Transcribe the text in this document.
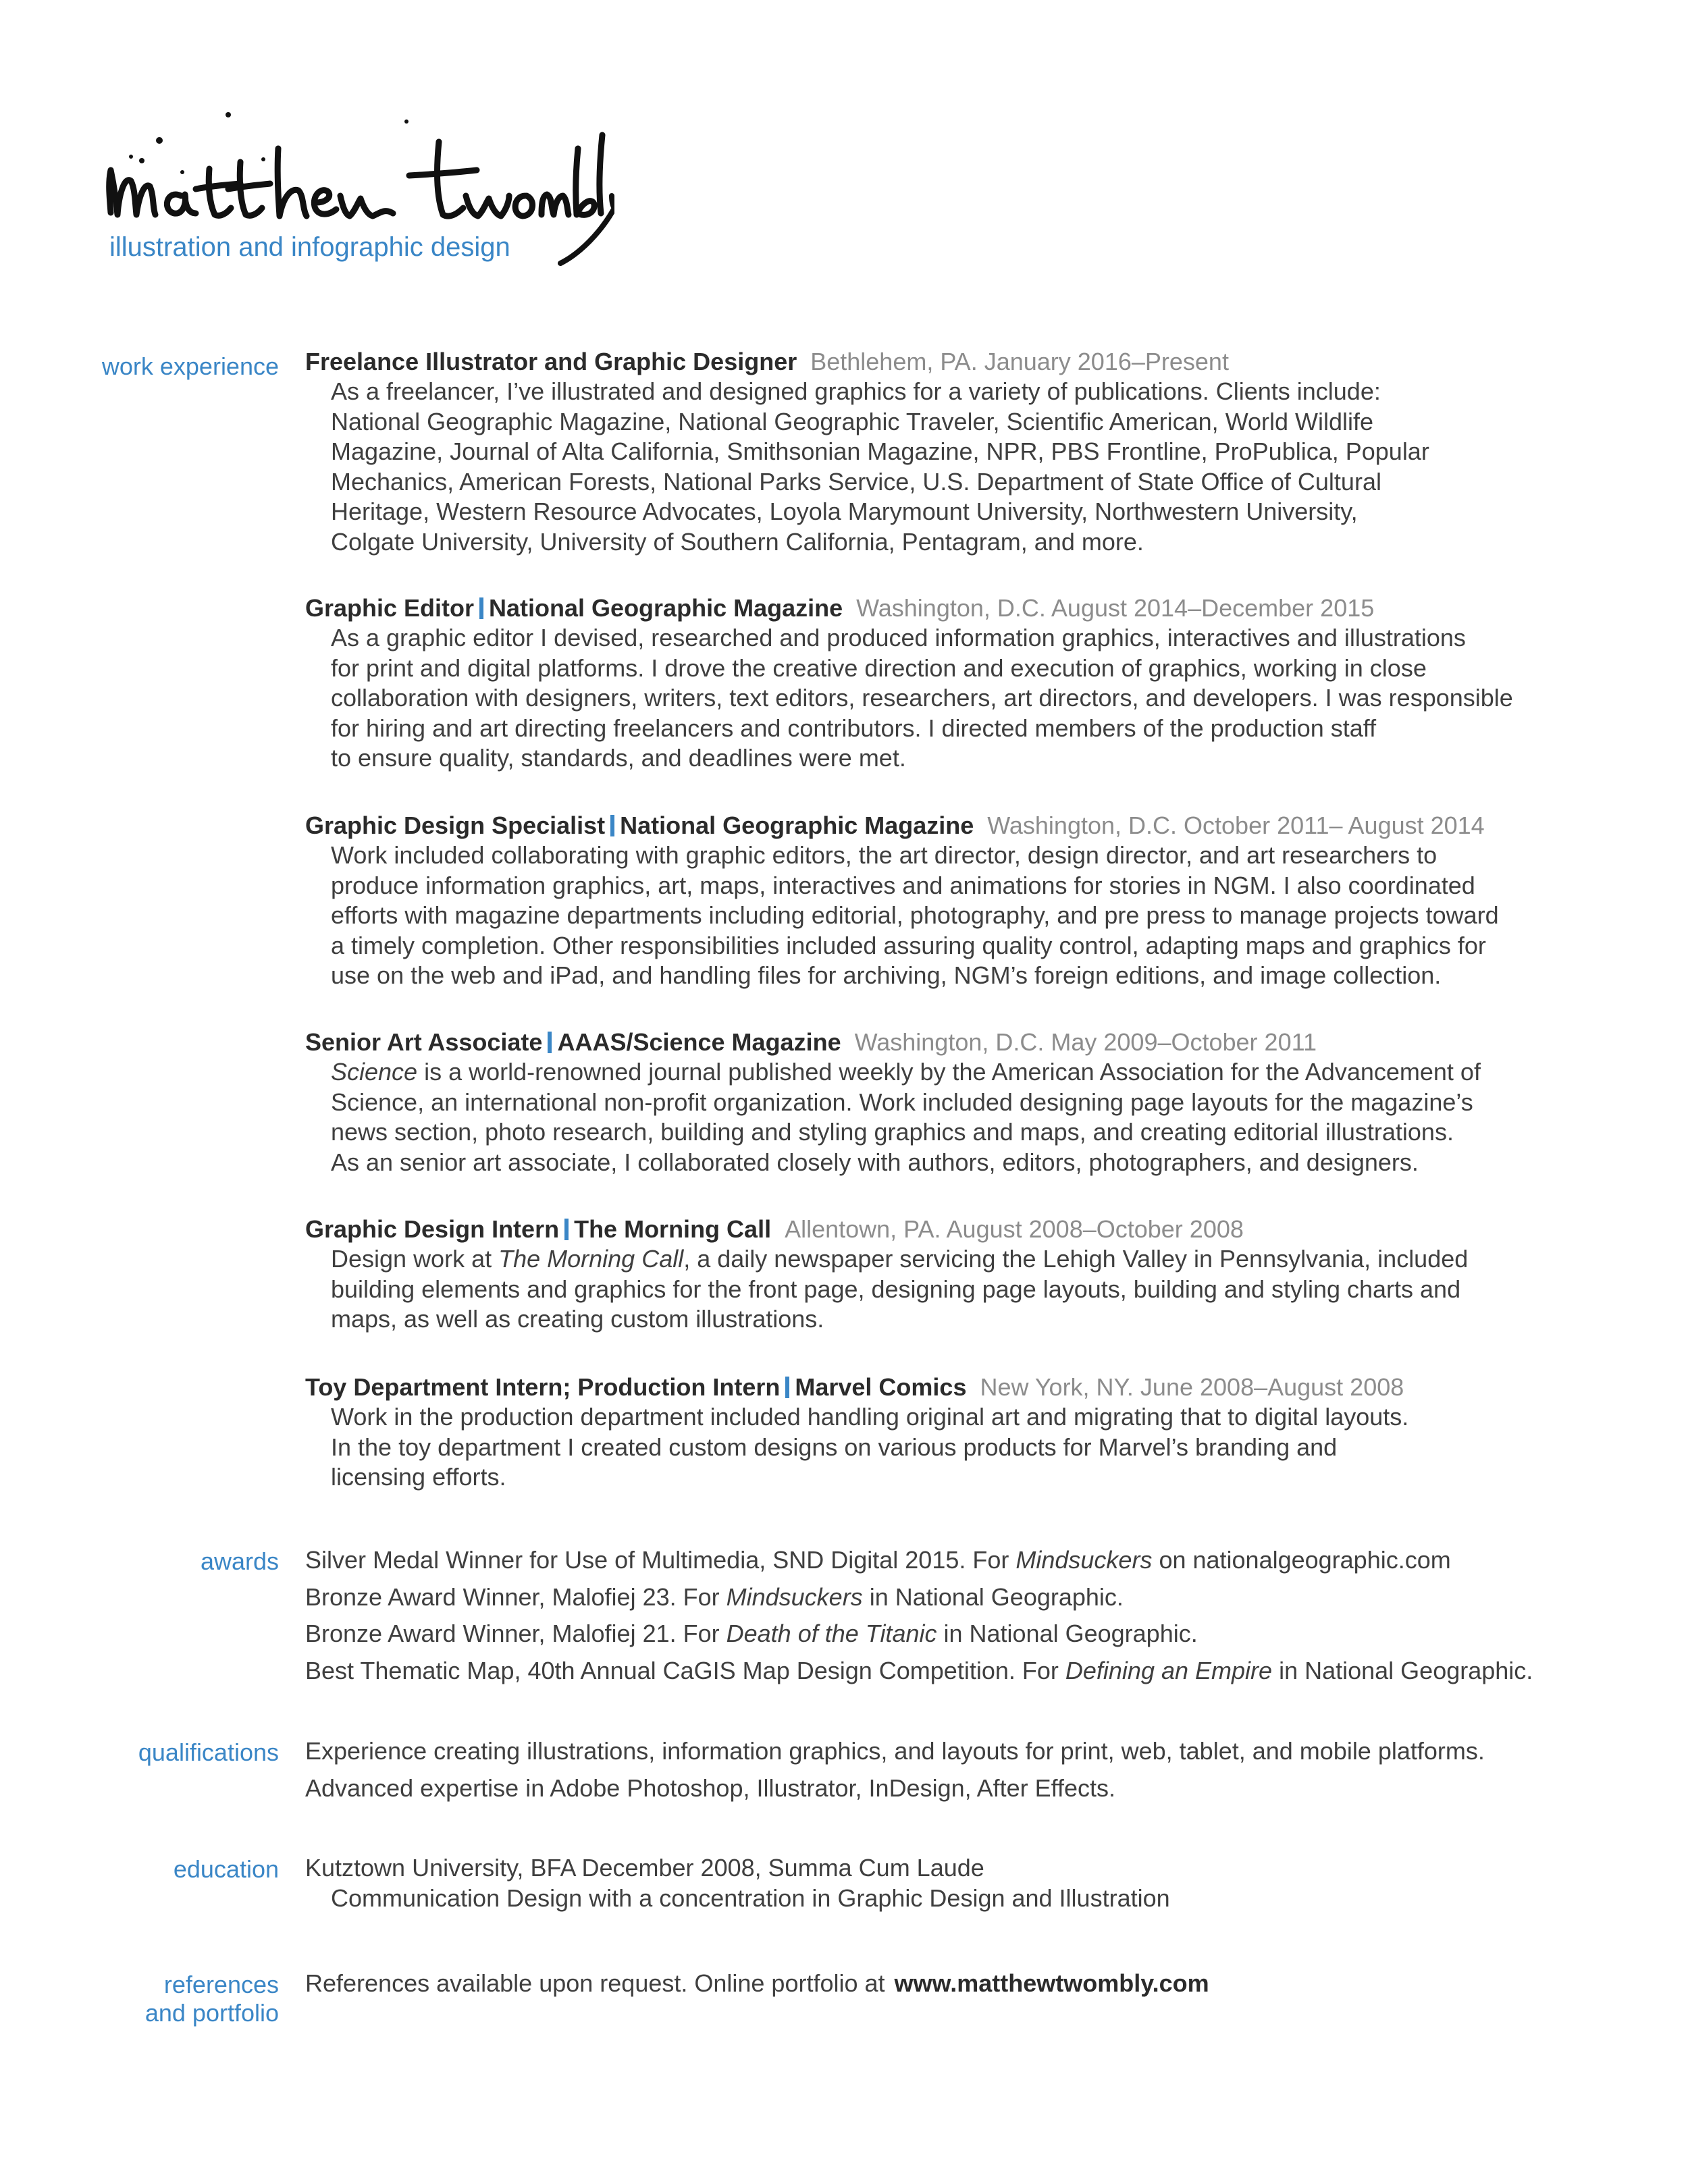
illustration and infographic design
work experience Freelance Illustrator and Graphic Designer Bethlehem, PA. January 2016–Present
As a freelancer, I’ve illustrated and designed graphics for a variety of publications. Clients include:
National Geographic Magazine, National Geographic Traveler, Scientific American, World Wildlife
Magazine, Journal of Alta California, Smithsonian Magazine, NPR, PBS Frontline, ProPublica, Popular
Mechanics, American Forests, National Parks Service, U.S. Department of State Office of Cultural
Heritage, Western Resource Advocates, Loyola Marymount University, Northwestern University,
Colgate University, University of Southern California, Pentagram, and more.
Graphic Editor National Geographic Magazine Washington, D.C. August 2014–December 2015
As a graphic editor I devised, researched and produced information graphics, interactives and illustrations
for print and digital platforms. I drove the creative direction and execution of graphics, working in close
collaboration with designers, writers, text editors, researchers, art directors, and developers. I was responsible
for hiring and art directing freelancers and contributors. I directed members of the production staff
to ensure quality, standards, and deadlines were met.
Graphic Design Specialist National Geographic Magazine Washington, D.C. October 2011– August 2014
Work included collaborating with graphic editors, the art director, design director, and art researchers to
produce information graphics, art, maps, interactives and animations for stories in NGM. I also coordinated
efforts with magazine departments including editorial, photography, and pre press to manage projects toward
a timely completion. Other responsibilities included assuring quality control, adapting maps and graphics for
use on the web and iPad, and handling files for archiving, NGM’s foreign editions, and image collection.
Senior Art Associate AAAS/Science Magazine Washington, D.C. May 2009–October 2011
Science is a world-renowned journal published weekly by the American Association for the Advancement of
Science, an international non-profit organization. Work included designing page layouts for the magazine’s
news section, photo research, building and styling graphics and maps, and creating editorial illustrations.
As an senior art associate, I collaborated closely with authors, editors, photographers, and designers.
Graphic Design Intern The Morning Call Allentown, PA. August 2008–October 2008
Design work at The Morning Call, a daily newspaper servicing the Lehigh Valley in Pennsylvania, included
building elements and graphics for the front page, designing page layouts, building and styling charts and
maps, as well as creating custom illustrations.
Toy Department Intern; Production Intern Marvel Comics New York, NY. June 2008–August 2008
Work in the production department included handling original art and migrating that to digital layouts.
In the toy department I created custom designs on various products for Marvel’s branding and
licensing efforts.
awards Silver Medal Winner for Use of Multimedia, SND Digital 2015. For Mindsuckers on nationalgeographic.com
Bronze Award Winner, Malofiej 23. For Mindsuckers in National Geographic.
Bronze Award Winner, Malofiej 21. For Death of the Titanic in National Geographic.
Best Thematic Map, 40th Annual CaGIS Map Design Competition. For Defining an Empire in National Geographic.
qualifications Experience creating illustrations, information graphics, and layouts for print, web, tablet, and mobile platforms.
Advanced expertise in Adobe Photoshop, Illustrator, InDesign, After Effects.
education Kutztown University, BFA December 2008, Summa Cum Laude
Communication Design with a concentration in Graphic Design and Illustration
references
and portfolio
References available upon request. Online portfolio at www.matthewtwombly.com
